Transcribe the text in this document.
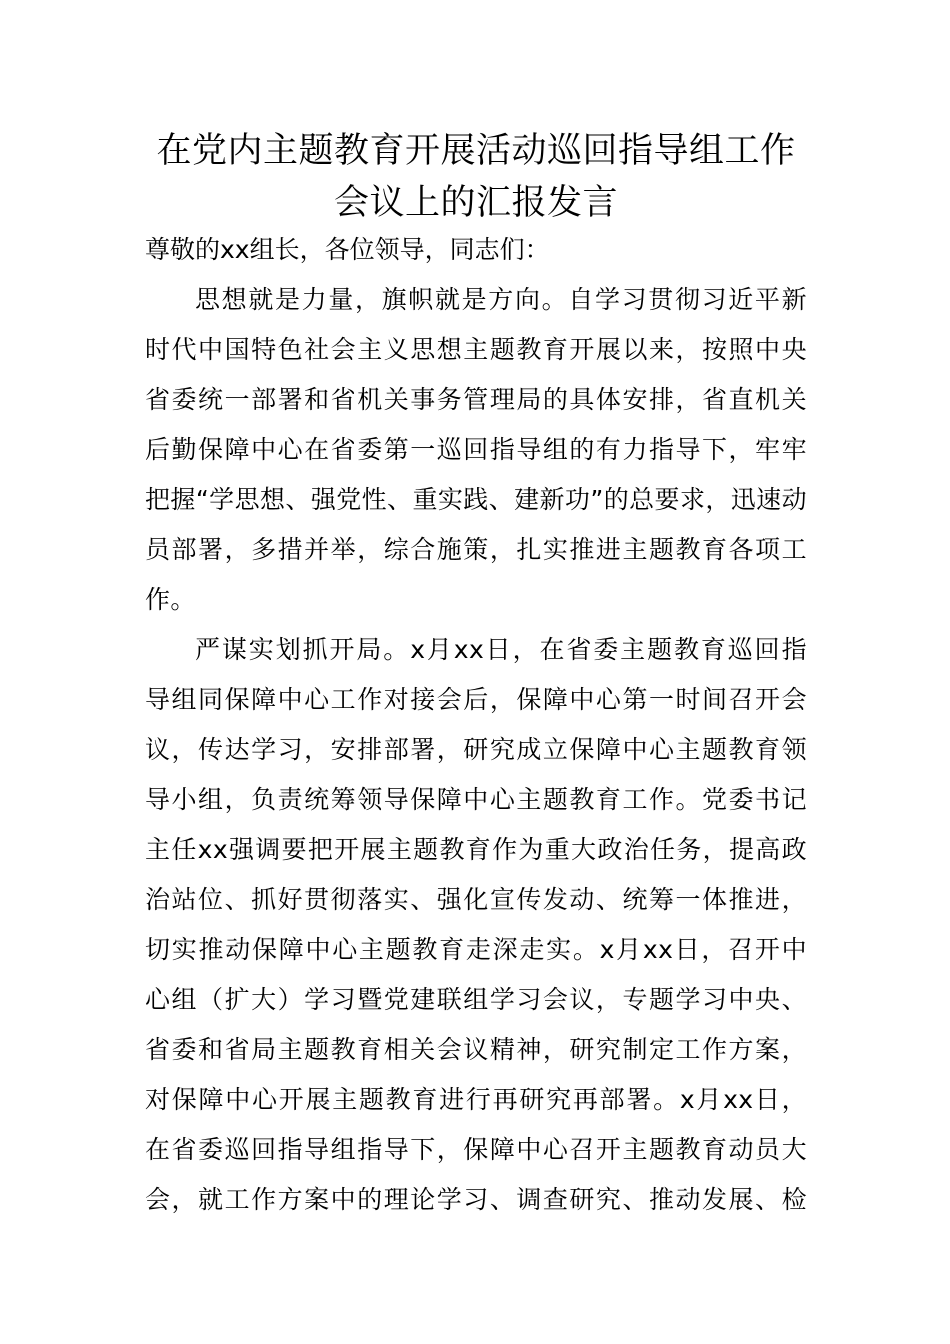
在党内主题教育开展活动巡回指导组工作
会议上的汇报发言

尊敬的xx组长，各位领导，同志们：

思想就是力量，旗帜就是方向。自学习贯彻习近平新
时代中国特色社会主义思想主题教育开展以来，按照中央
省委统一部署和省机关事务管理局的具体安排，省直机关
后勤保障中心在省委第一巡回指导组的有力指导下，牢牢
把握“学思想、强党性、重实践、建新功”的总要求，迅速动
员部署，多措并举，综合施策，扎实推进主题教育各项工
作。
严谋实划抓开局。x月xx日，在省委主题教育巡回指
导组同保障中心工作对接会后，保障中心第一时间召开会
议，传达学习，安排部署，研究成立保障中心主题教育领
导小组，负责统筹领导保障中心主题教育工作。党委书记
主任xx强调要把开展主题教育作为重大政治任务，提高政
治站位、抓好贯彻落实、强化宣传发动、统筹一体推进，
切实推动保障中心主题教育走深走实。x月xx日，召开中
心组（扩大）学习暨党建联组学习会议，专题学习中央、
省委和省局主题教育相关会议精神，研究制定工作方案，
对保障中心开展主题教育进行再研究再部署。x月xx日，
在省委巡回指导组指导下，保障中心召开主题教育动员大
会，就工作方案中的理论学习、调查研究、推动发展、检
